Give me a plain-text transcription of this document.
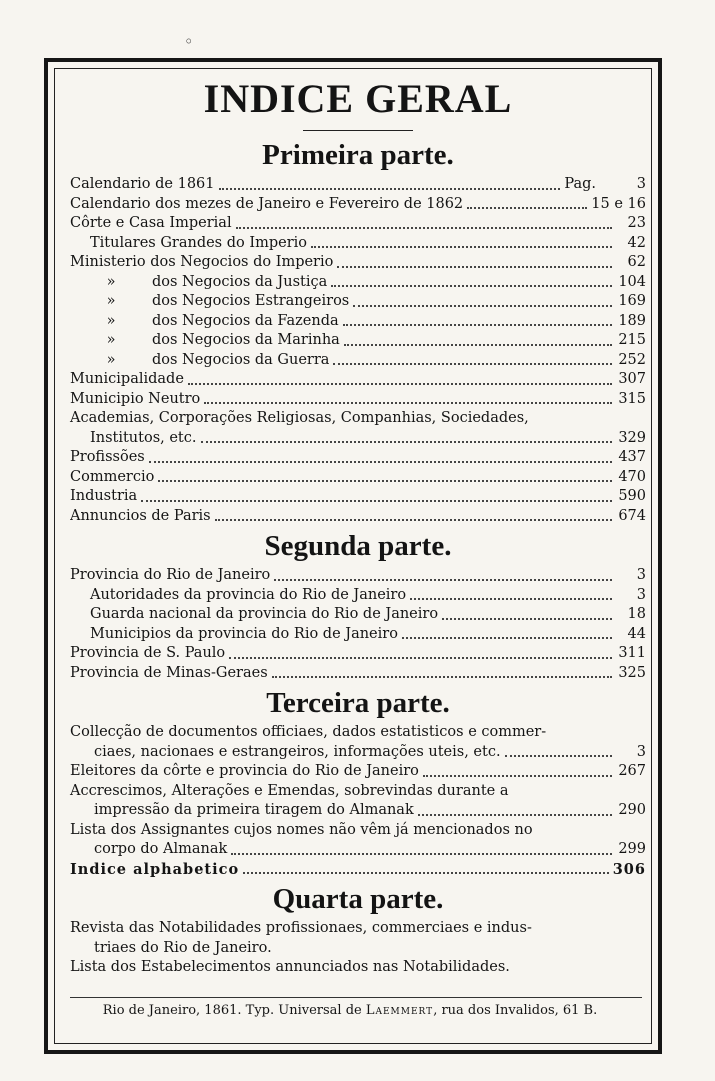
◦
INDICE GERAL
Primeira parte.
Calendario de 1861	Pag.	3
Calendario dos mezes de Janeiro e Fevereiro de 1862	15 e 16
Côrte e Casa Imperial	23
Titulares Grandes do Imperio	42
Ministerio dos Negocios do Imperio	62
»	dos Negocios da Justiça	104
»	dos Negocios Estrangeiros	169
»	dos Negocios da Fazenda	189
»	dos Negocios da Marinha	215
»	dos Negocios da Guerra	252
Municipalidade	307
Municipio Neutro	315
Academias, Corporações Religiosas, Companhias, Sociedades,
Institutos, etc.	329
Profissões	437
Commercio	470
Industria	590
Annuncios de Paris	674
Segunda parte.
Provincia do Rio de Janeiro	3
Autoridades da provincia do Rio de Janeiro	3
Guarda nacional da provincia do Rio de Janeiro	18
Municipios da provincia do Rio de Janeiro	44
Provincia de S. Paulo	311
Provincia de Minas-Geraes	325
Terceira parte.
Collecção de documentos officiaes, dados estatisticos e commer-
ciaes, nacionaes e estrangeiros, informações uteis, etc.	3
Eleitores da côrte e provincia do Rio de Janeiro	267
Accrescimos, Alterações e Emendas, sobrevindas durante a
impressão da primeira tiragem do Almanak	290
Lista dos Assignantes cujos nomes não vêm já mencionados no
corpo do Almanak	299
Indice alphabetico	306
Quarta parte.
Revista das Notabilidades profissionaes, commerciaes e indus-
triaes do Rio de Janeiro.
Lista dos Estabelecimentos annunciados nas Notabilidades.
Rio de Janeiro, 1861. Typ. Universal de Laemmert, rua dos Invalidos, 61 B.
